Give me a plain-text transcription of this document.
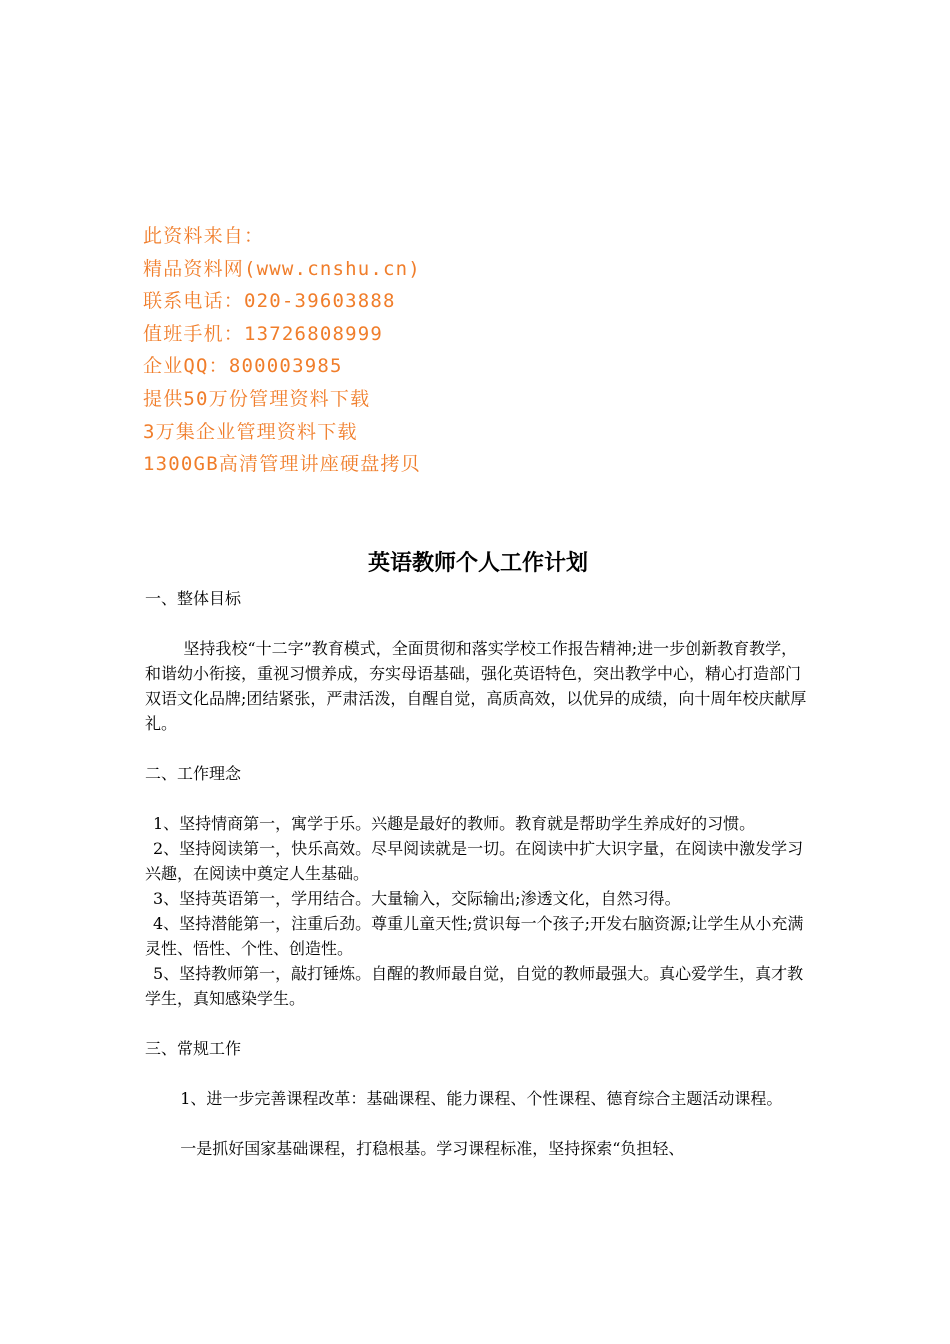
此资料来自：
精品资料网(www.cnshu.cn)
联系电话：020-39603888
值班手机：13726808999
企业QQ：800003985
提供50万份管理资料下载
3万集企业管理资料下载
1300GB高清管理讲座硬盘拷贝
英语教师个人工作计划

一、整体目标

坚持我校“十二字”教育模式，全面贯彻和落实学校工作报告精神;进一步创新教育教学，和谐幼小衔接，重视习惯养成，夯实母语基础，强化英语特色，突出教学中心，精心打造部门双语文化品牌;团结紧张，严肃活泼，自醒自觉，高质高效，以优异的成绩，向十周年校庆献厚礼。

二、工作理念

1、坚持情商第一，寓学于乐。兴趣是最好的教师。教育就是帮助学生养成好的习惯。

2、坚持阅读第一，快乐高效。尽早阅读就是一切。在阅读中扩大识字量，在阅读中激发学习兴趣，在阅读中奠定人生基础。

3、坚持英语第一，学用结合。大量输入，交际输出;渗透文化，自然习得。

4、坚持潜能第一，注重后劲。尊重儿童天性;赏识每一个孩子;开发右脑资源;让学生从小充满灵性、悟性、个性、创造性。

5、坚持教师第一，敲打锤炼。自醒的教师最自觉，自觉的教师最强大。真心爱学生，真才教学生，真知感染学生。

三、常规工作

1、进一步完善课程改革：基础课程、能力课程、个性课程、德育综合主题活动课程。

一是抓好国家基础课程，打稳根基。学习课程标准，坚持探索“负担轻、
